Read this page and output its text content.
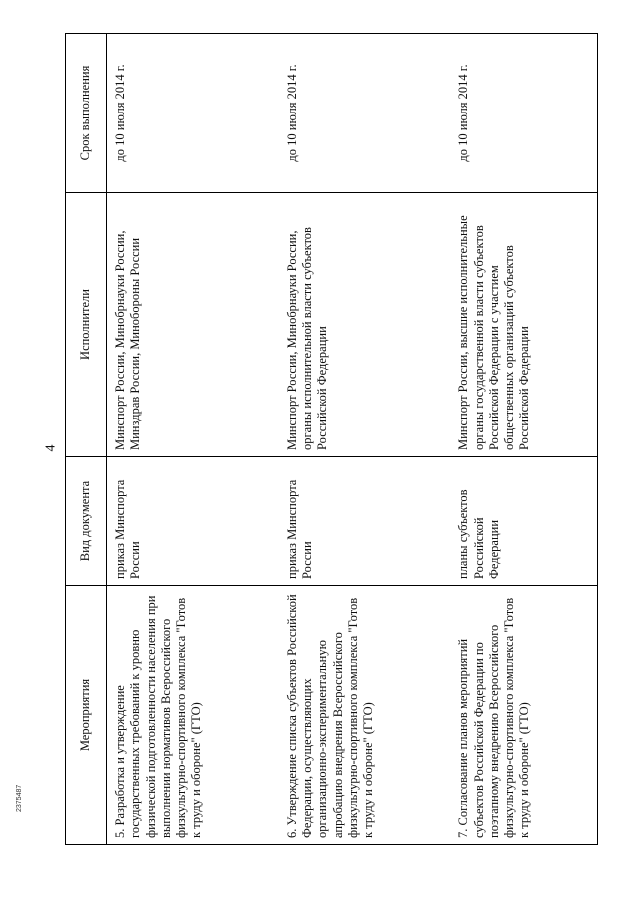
4
2375487
Мероприятия	Вид документа	Исполнители	Срок выполнения
5. Разработка и утверждение государственных требований к уровню физической подготовленности населения при выполнении нормативов Всероссийского физкультурно-спортивного комплекса "Готов к труду и обороне" (ГТО)	приказ Минспорта России	Минспорт России, Минобрнауки России, Минздрав России, Минобороны России	до 10 июля 2014 г.
6. Утверждение списка субъектов Российской Федерации, осуществляющих организационно-экспериментальную апробацию внедрения Всероссийского физкультурно-спортивного комплекса "Готов к труду и обороне" (ГТО)	приказ Минспорта России	Минспорт России, Минобрнауки России, органы исполнительной власти субъектов Российской Федерации	до 10 июля 2014 г.
7. Согласование планов мероприятий субъектов Российской Федерации по поэтапному внедрению Всероссийского физкультурно-спортивного комплекса "Готов к труду и обороне" (ГТО)	планы субъектов Российской Федерации	Минспорт России, высшие исполнительные органы государственной власти субъектов Российской Федерации с участием общественных организаций субъектов Российской Федерации	до 10 июля 2014 г.
